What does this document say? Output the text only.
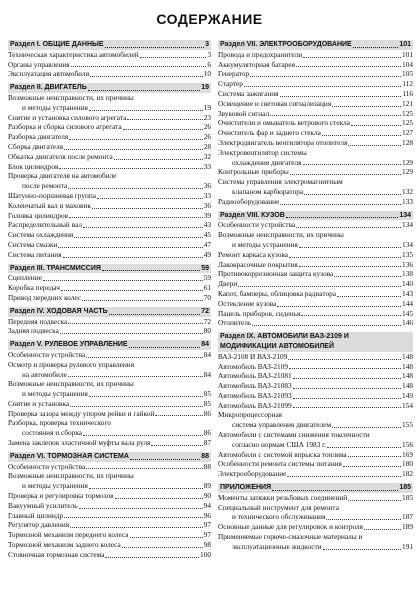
СОДЕРЖАНИЕ
Раздел I. ОБЩИЕ ДАННЫЕ	3
Техническая характеристика автомобилей	3
Органы управления	6
Эксплуатация автомобиля	10
Раздел II. ДВИГАТЕЛЬ	19
Возможные неисправности, их причины
и методы устранения	19
Снятие и установка силового агрегата	23
Разборка и сборка силового агрегата	26
Разборка двигателя	26
Сборка двигателя	28
Обкатка двигателя после ремонта	32
Блок цилиндров	33
Проверка двигателя на автомобиле
после ремонта	36
Шатунно-поршневая группа	33
Коленчатый вал и маховик	36
Головка цилиндров	39
Распределительный вал	43
Система охлаждения	45
Система смазки	47
Система питания	49
Раздел III. ТРАНСМИССИЯ	59
Сцепление	59
Коробка передач	61
Привод передних колес	70
Раздел IV. ХОДОВАЯ ЧАСТЬ	72
Передняя подвеска	72
Задняя подвеска	80
Раздел V. РУЛЕВОЕ УПРАВЛЕНИЕ	84
Особенности устройства	84
Осмотр и проверка рулевого управления
на автомобиле	84
Возможные неисправности, их причины
и методы устранения	85
Снятие и установка	85
Проверка зазора между упором рейки и гайкой	86
Разборка, проверка технического
состояния и сборка	86
Замена заклепок эластичной муфты вала руля	87
Раздел VI. ТОРМОЗНАЯ СИСТЕМА	88
Особенности устройства	88
Возможные неисправности, их причины
и методы устранения	89
Проверка и регулировка тормозов	90
Вакуумный усилитель	94
Главный цилиндр	96
Регулятор давления	97
Тормозной механизм переднего колеса	97
Тормозной механизм заднего колеса	98
Стояночная тормозная система	100
Раздел VII. ЭЛЕКТРООБОРУДОВАНИЕ	101
Провода и предохранители	101
Аккумуляторная батарея	104
Генератор	105
Стартер	112
Система зажигания	116
Освещение и световая сигнализация	121
Звуковой сигнал	125
Очистители и омыватель ветрового стекла	125
Очиститель фар и заднего стекла	127
Электродвигатель вентилятора отопителя	128
Электровентилятор системы
охлаждения двигателя	129
Контрольные приборы	129
Система управления электромагнитным
клапаном карбюратора	132
Радиооборудование	133
Раздел VIII. КУЗОВ	134
Особенности устройства	134
Возможные неисправности, их причины
и методы устранения	134
Ремонт каркаса кузова	135
Лакокрасочные покрытия	136
Противокоррозионная защита кузова	138
Двери	140
Капот, бамперы, облицовка радиатора	143
Остекление кузова	144
Панель приборов, сиденья	145
Отопитель	146
Раздел IX. АВТОМОБИЛИ ВАЗ-2109 И
МОДИФИКАЦИИ АВТОМОБИЛЕЙ
ВАЗ-2108 И ВАЗ-2109	148
Автомобиль ВАЗ-2109	148
Автомобиль ВАЗ-21081	148
Автомобиль ВАЗ-21083	148
Автомобиль ВАЗ-21093	149
Автомобиль ВАЗ-21099	154
Микропроцессорная
система управления двигателем	155
Автомобили с системами снижения токсичности
согласно нормам США 1983 г.	156
Автомобили с системой впрыска топлива	169
Особенности ремонта системы питания	180
Электрооборудование	182
ПРИЛОЖЕНИЯ	185
Моменты затяжки резьбовых соединений	185
Специальный инструмент для ремонта
и технического обслуживания	187
Основные данные для регулировок и контроля	189
Применяемые горюче-смазочные материалы и
эксплуатационные жидкости	191
